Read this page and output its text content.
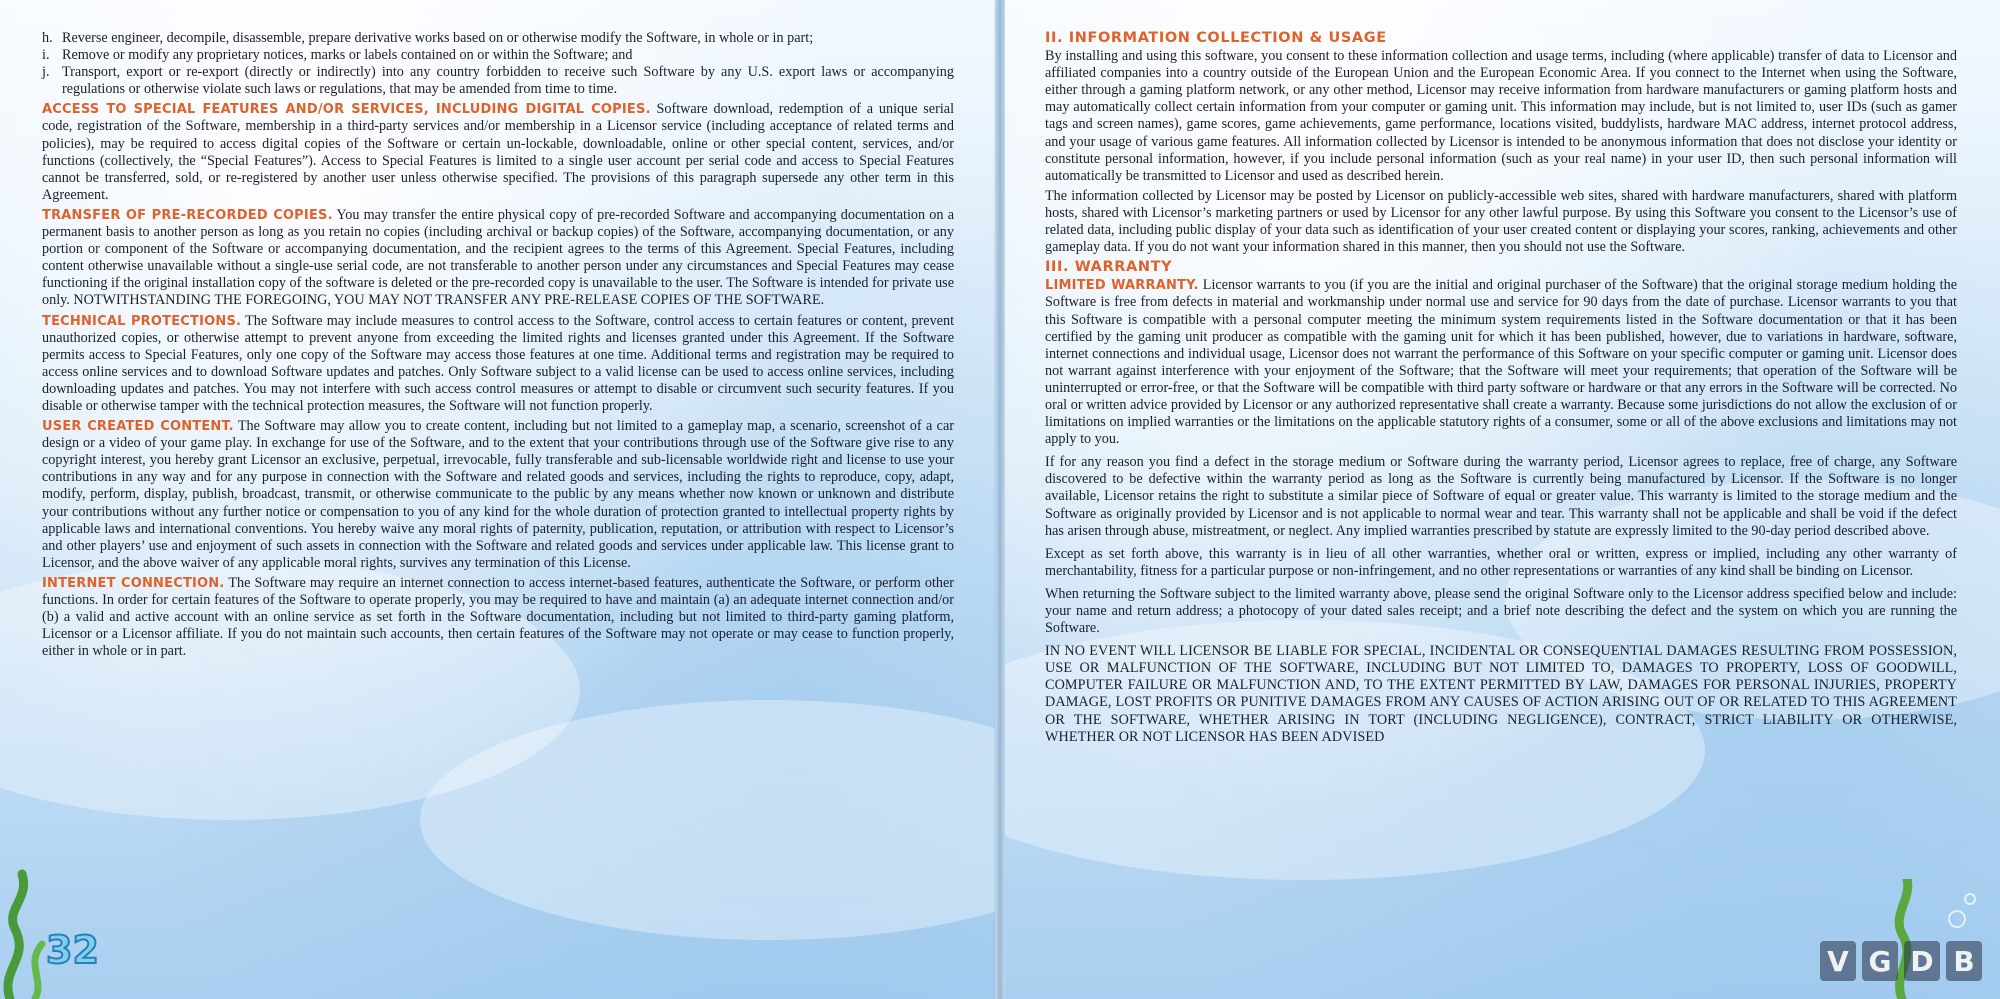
h. Reverse engineer, decompile, disassemble, prepare derivative works based on or otherwise modify the Software, in whole or in part;
i. Remove or modify any proprietary notices, marks or labels contained on or within the Software; and
j. Transport, export or re-export (directly or indirectly) into any country forbidden to receive such Software by any U.S. export laws or accompanying regulations or otherwise violate such laws or regulations, that may be amended from time to time.

ACCESS TO SPECIAL FEATURES AND/OR SERVICES, INCLUDING DIGITAL COPIES. Software download, redemption of a unique serial code, registration of the Software, membership in a third-party services and/or membership in a Licensor service (including acceptance of related terms and policies), may be required to access digital copies of the Software or certain un-lockable, downloadable, online or other special content, services, and/or functions (collectively, the “Special Features”). Access to Special Features is limited to a single user account per serial code and access to Special Features cannot be transferred, sold, or re-registered by another user unless otherwise specified. The provisions of this paragraph supersede any other term in this Agreement.

TRANSFER OF PRE-RECORDED COPIES. You may transfer the entire physical copy of pre-recorded Software and accompanying documentation on a permanent basis to another person as long as you retain no copies (including archival or backup copies) of the Software, accompanying documentation, or any portion or component of the Software or accompanying documentation, and the recipient agrees to the terms of this Agreement. Special Features, including content otherwise unavailable without a single-use serial code, are not transferable to another person under any circumstances and Special Features may cease functioning if the original installation copy of the software is deleted or the pre-recorded copy is unavailable to the user. The Software is intended for private use only. NOTWITHSTANDING THE FOREGOING, YOU MAY NOT TRANSFER ANY PRE-RELEASE COPIES OF THE SOFTWARE.

TECHNICAL PROTECTIONS. The Software may include measures to control access to the Software, control access to certain features or content, prevent unauthorized copies, or otherwise attempt to prevent anyone from exceeding the limited rights and licenses granted under this Agreement. If the Software permits access to Special Features, only one copy of the Software may access those features at one time. Additional terms and registration may be required to access online services and to download Software updates and patches. Only Software subject to a valid license can be used to access online services, including downloading updates and patches. You may not interfere with such access control measures or attempt to disable or circumvent such security features. If you disable or otherwise tamper with the technical protection measures, the Software will not function properly.

USER CREATED CONTENT. The Software may allow you to create content, including but not limited to a gameplay map, a scenario, screenshot of a car design or a video of your game play. In exchange for use of the Software, and to the extent that your contributions through use of the Software give rise to any copyright interest, you hereby grant Licensor an exclusive, perpetual, irrevocable, fully transferable and sub-licensable worldwide right and license to use your contributions in any way and for any purpose in connection with the Software and related goods and services, including the rights to reproduce, copy, adapt, modify, perform, display, publish, broadcast, transmit, or otherwise communicate to the public by any means whether now known or unknown and distribute your contributions without any further notice or compensation to you of any kind for the whole duration of protection granted to intellectual property rights by applicable laws and international conventions. You hereby waive any moral rights of paternity, publication, reputation, or attribution with respect to Licensor’s and other players’ use and enjoyment of such assets in connection with the Software and related goods and services under applicable law. This license grant to Licensor, and the above waiver of any applicable moral rights, survives any termination of this License.

INTERNET CONNECTION. The Software may require an internet connection to access internet-based features, authenticate the Software, or perform other functions. In order for certain features of the Software to operate properly, you may be required to have and maintain (a) an adequate internet connection and/or (b) a valid and active account with an online service as set forth in the Software documentation, including but not limited to third-party gaming platform, Licensor or a Licensor affiliate. If you do not maintain such accounts, then certain features of the Software may not operate or may cease to function properly, either in whole or in part.

32
II. INFORMATION COLLECTION & USAGE

By installing and using this software, you consent to these information collection and usage terms, including (where applicable) transfer of data to Licensor and affiliated companies into a country outside of the European Union and the European Economic Area. If you connect to the Internet when using the Software, either through a gaming platform network, or any other method, Licensor may receive information from hardware manufacturers or gaming platform hosts and may automatically collect certain information from your computer or gaming unit. This information may include, but is not limited to, user IDs (such as gamer tags and screen names), game scores, game achievements, game performance, locations visited, buddylists, hardware MAC address, internet protocol address, and your usage of various game features. All information collected by Licensor is intended to be anonymous information that does not disclose your identity or constitute personal information, however, if you include personal information (such as your real name) in your user ID, then such personal information will automatically be transmitted to Licensor and used as described herein.

The information collected by Licensor may be posted by Licensor on publicly-accessible web sites, shared with hardware manufacturers, shared with platform hosts, shared with Licensor’s marketing partners or used by Licensor for any other lawful purpose. By using this Software you consent to the Licensor’s use of related data, including public display of your data such as identification of your user created content or displaying your scores, ranking, achievements and other gameplay data. If you do not want your information shared in this manner, then you should not use the Software.

III. WARRANTY

LIMITED WARRANTY. Licensor warrants to you (if you are the initial and original purchaser of the Software) that the original storage medium holding the Software is free from defects in material and workmanship under normal use and service for 90 days from the date of purchase. Licensor warrants to you that this Software is compatible with a personal computer meeting the minimum system requirements listed in the Software documentation or that it has been certified by the gaming unit producer as compatible with the gaming unit for which it has been published, however, due to variations in hardware, software, internet connections and individual usage, Licensor does not warrant the performance of this Software on your specific computer or gaming unit. Licensor does not warrant against interference with your enjoyment of the Software; that the Software will meet your requirements; that operation of the Software will be uninterrupted or error-free, or that the Software will be compatible with third party software or hardware or that any errors in the Software will be corrected. No oral or written advice provided by Licensor or any authorized representative shall create a warranty. Because some jurisdictions do not allow the exclusion of or limitations on implied warranties or the limitations on the applicable statutory rights of a consumer, some or all of the above exclusions and limitations may not apply to you.

If for any reason you find a defect in the storage medium or Software during the warranty period, Licensor agrees to replace, free of charge, any Software discovered to be defective within the warranty period as long as the Software is currently being manufactured by Licensor. If the Software is no longer available, Licensor retains the right to substitute a similar piece of Software of equal or greater value. This warranty is limited to the storage medium and the Software as originally provided by Licensor and is not applicable to normal wear and tear. This warranty shall not be applicable and shall be void if the defect has arisen through abuse, mistreatment, or neglect. Any implied warranties prescribed by statute are expressly limited to the 90-day period described above.

Except as set forth above, this warranty is in lieu of all other warranties, whether oral or written, express or implied, including any other warranty of merchantability, fitness for a particular purpose or non-infringement, and no other representations or warranties of any kind shall be binding on Licensor.

When returning the Software subject to the limited warranty above, please send the original Software only to the Licensor address specified below and include: your name and return address; a photocopy of your dated sales receipt; and a brief note describing the defect and the system on which you are running the Software.

IN NO EVENT WILL LICENSOR BE LIABLE FOR SPECIAL, INCIDENTAL OR CONSEQUENTIAL DAMAGES RESULTING FROM POSSESSION, USE OR MALFUNCTION OF THE SOFTWARE, INCLUDING BUT NOT LIMITED TO, DAMAGES TO PROPERTY, LOSS OF GOODWILL, COMPUTER FAILURE OR MALFUNCTION AND, TO THE EXTENT PERMITTED BY LAW, DAMAGES FOR PERSONAL INJURIES, PROPERTY DAMAGE, LOST PROFITS OR PUNITIVE DAMAGES FROM ANY CAUSES OF ACTION ARISING OUT OF OR RELATED TO THIS AGREEMENT OR THE SOFTWARE, WHETHER ARISING IN TORT (INCLUDING NEGLIGENCE), CONTRACT, STRICT LIABILITY OR OTHERWISE, WHETHER OR NOT LICENSOR HAS BEEN ADVISED

V G D B
